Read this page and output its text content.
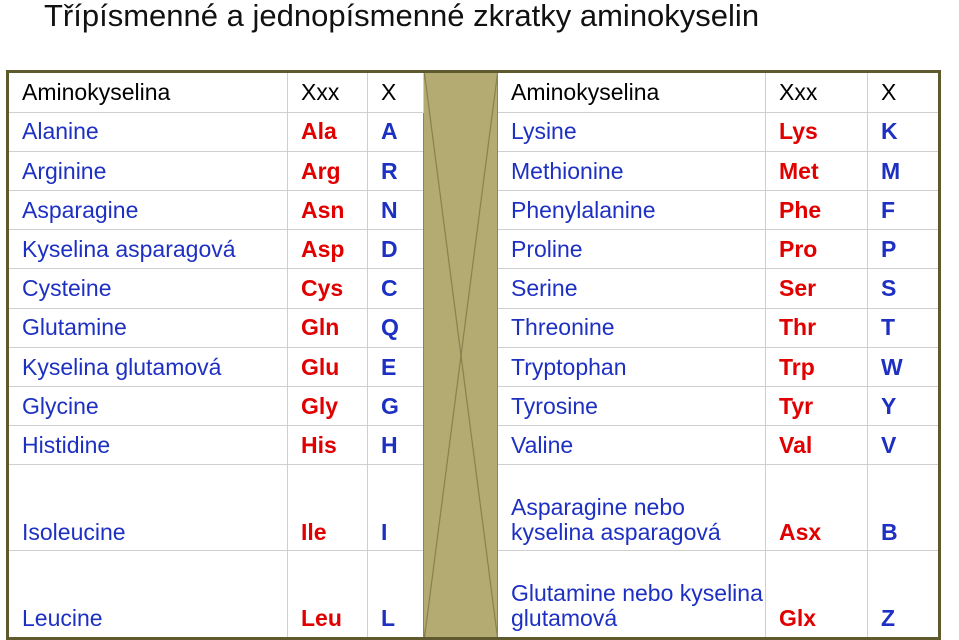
Třípísmenné a jednopísmenné zkratky aminokyselin
Aminokyselina	Xxx	X		Aminokyselina	Xxx	X
Alanine	Ala	A		Lysine	Lys	K
Arginine	Arg	R		Methionine	Met	M
Asparagine	Asn	N		Phenylalanine	Phe	F
Kyselina asparagová	Asp	D		Proline	Pro	P
Cysteine	Cys	C		Serine	Ser	S
Glutamine	Gln	Q		Threonine	Thr	T
Kyselina glutamová	Glu	E		Tryptophan	Trp	W
Glycine	Gly	G		Tyrosine	Tyr	Y
Histidine	His	H		Valine	Val	V
Isoleucine	Ile	I		Asparagine nebo kyselina asparagová	Asx	B
Leucine	Leu	L		Glutamine nebo kyselina glutamová	Glx	Z
